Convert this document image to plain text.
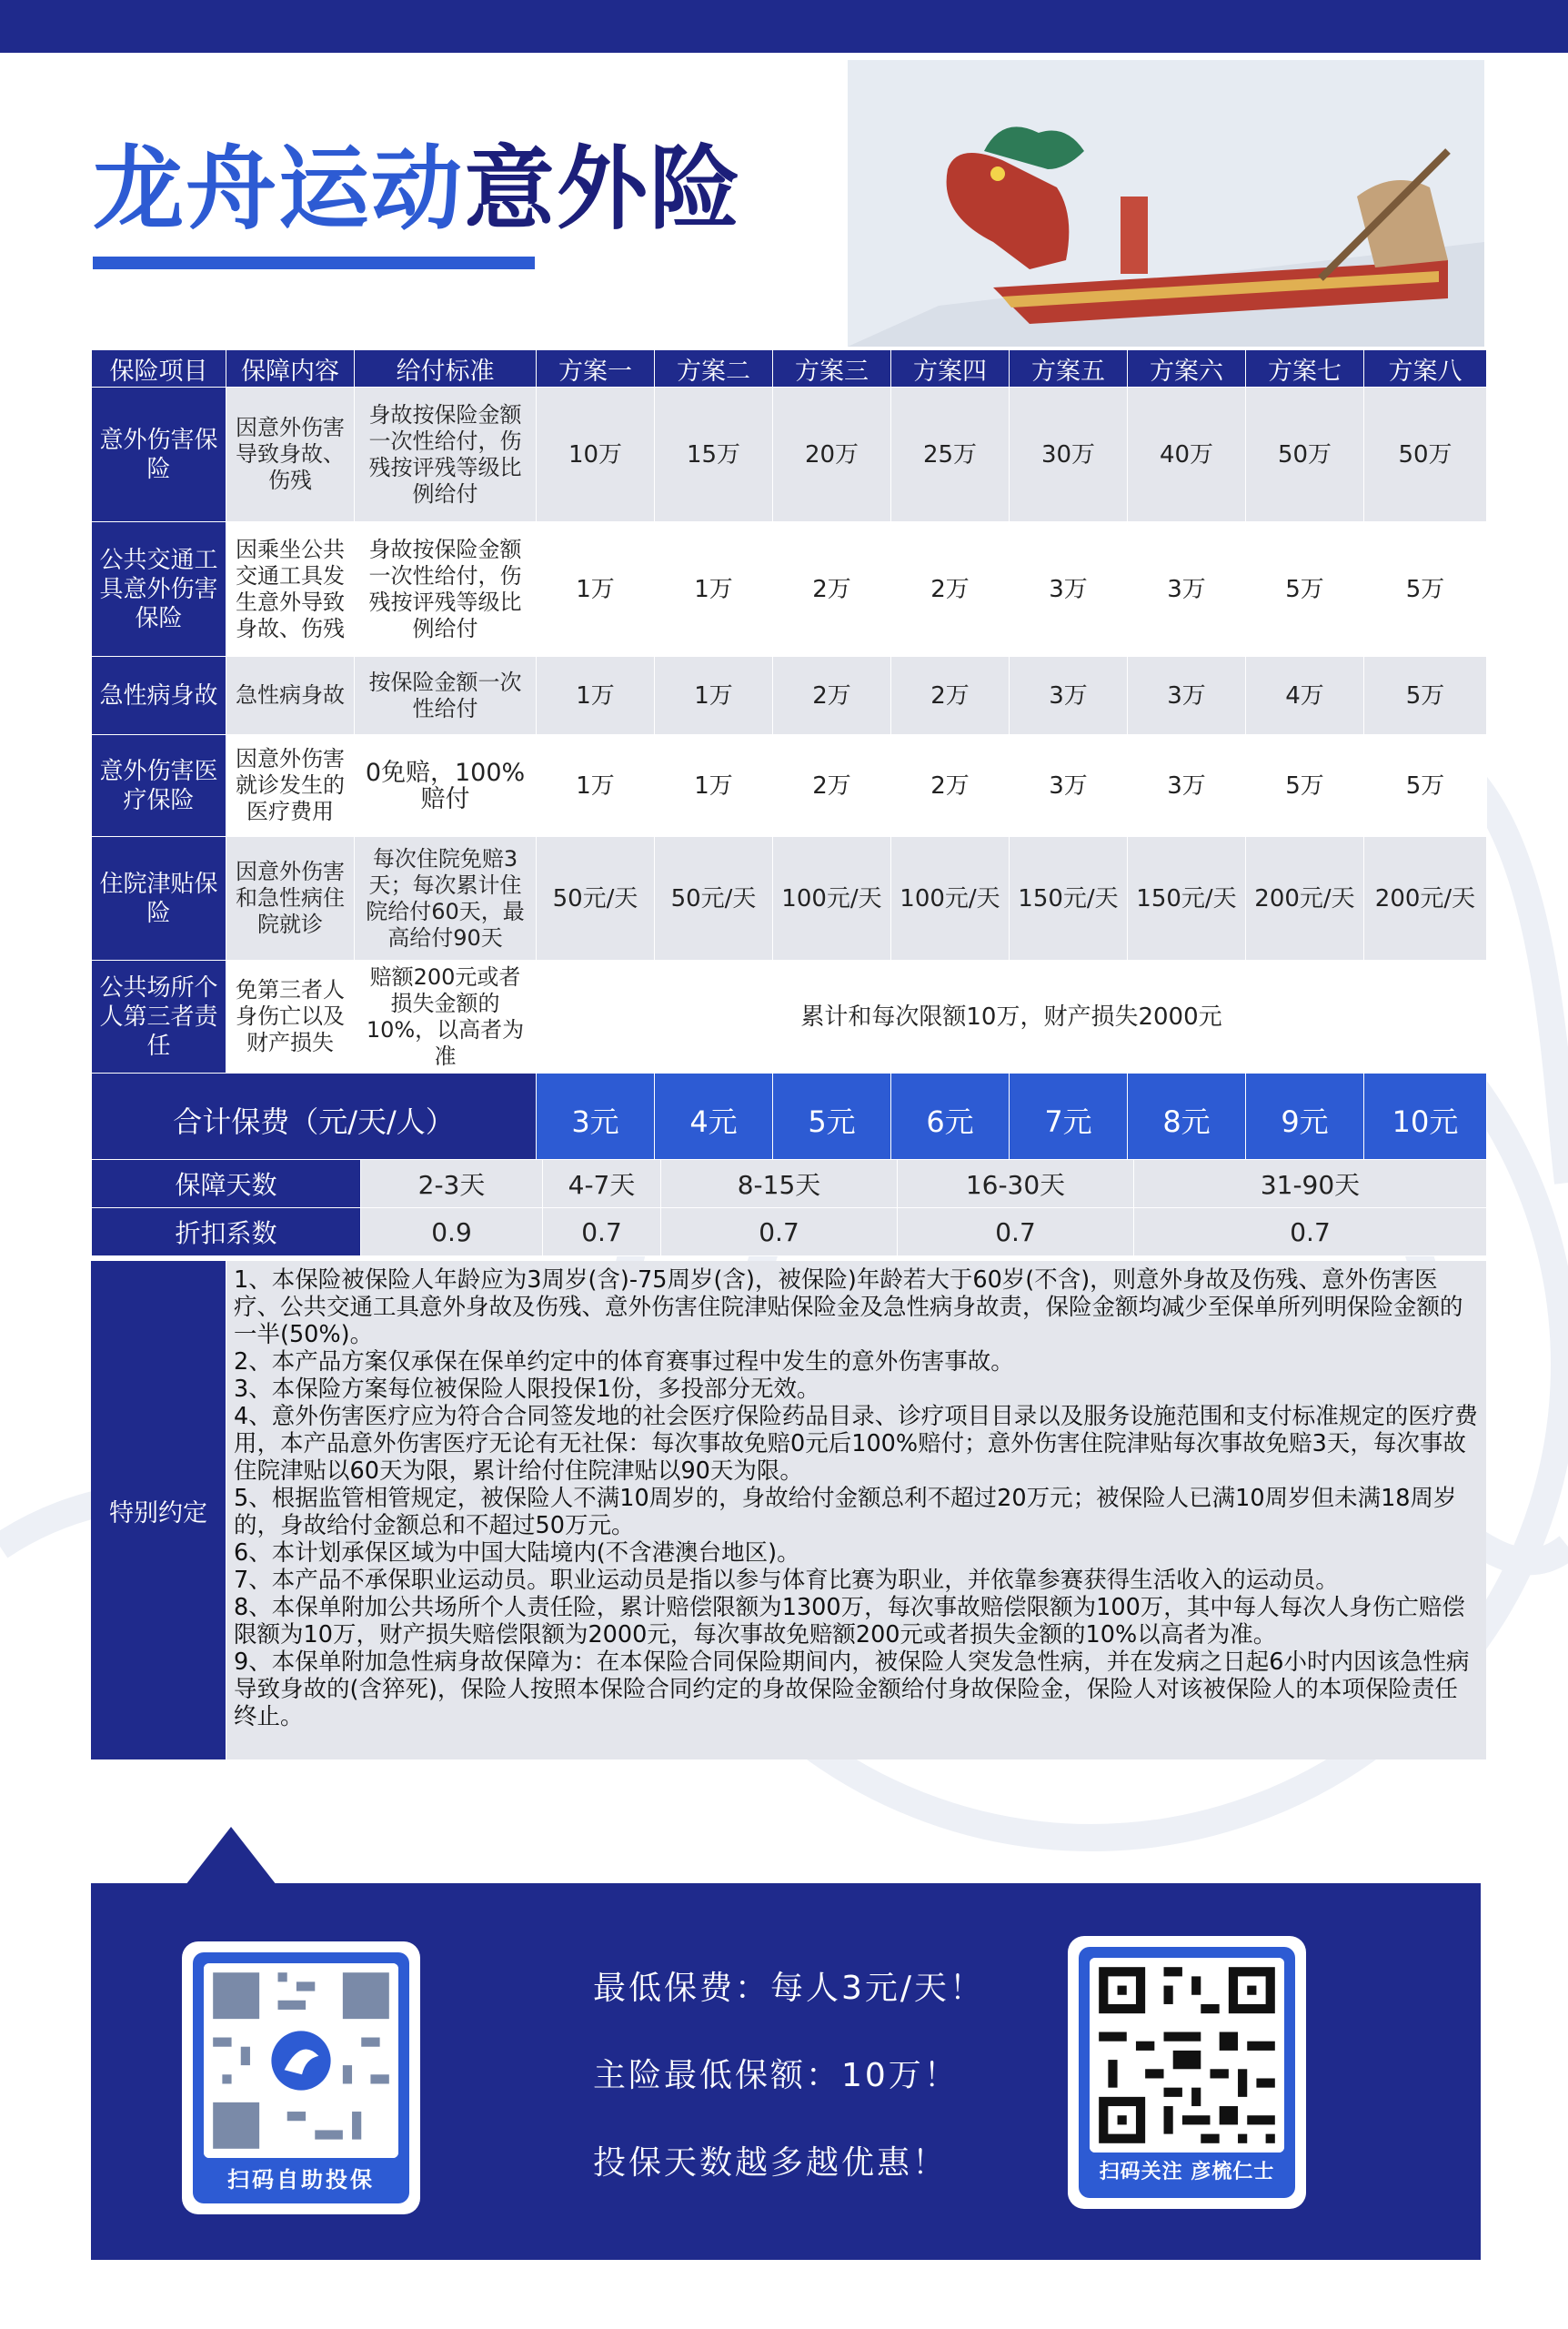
龙舟运动意外险
保险项目	保障内容	给付标准	方案一	方案二	方案三	方案四	方案五	方案六	方案七	方案八
意外伤害保险	因意外伤害导致身故、伤残	身故按保险金额一次性给付，伤残按评残等级比例给付	10万	15万	20万	25万	30万	40万	50万	50万
公共交通工具意外伤害保险	因乘坐公共交通工具发生意外导致身故、伤残	身故按保险金额一次性给付，伤残按评残等级比例给付	1万	1万	2万	2万	3万	3万	5万	5万
急性病身故	急性病身故	按保险金额一次性给付	1万	1万	2万	2万	3万	3万	4万	5万
意外伤害医疗保险	因意外伤害就诊发生的医疗费用	0免赔，100%赔付	1万	1万	2万	2万	3万	3万	5万	5万
住院津贴保险	因意外伤害和急性病住院就诊	每次住院免赔3天；每次累计住院给付60天，最高给付90天	50元/天	50元/天	100元/天	100元/天	150元/天	150元/天	200元/天	200元/天
公共场所个人第三者责任	免第三者人身伤亡以及财产损失	赔额200元或者损失金额的10%，以高者为准	累计和每次限额10万，财产损失2000元							
合计保费（元/天/人）			3元	4元	5元	6元	7元	8元	9元	10元
保障天数	2-3天	4-7天	8-15天	16-30天	31-90天
折扣系数	0.9	0.7	0.7	0.7	0.7
特别约定

1、本保险被保险人年龄应为3周岁(含)-75周岁(含)，被保险)年龄若大于60岁(不含)，则意外身故及伤残、意外伤害医疗、公共交通工具意外身故及伤残、意外伤害住院津贴保险金及急性病身故责，保险金额均减少至保单所列明保险金额的一半(50%)。

2、本产品方案仅承保在保单约定中的体育赛事过程中发生的意外伤害事故。

3、本保险方案每位被保险人限投保1份，多投部分无效。

4、意外伤害医疗应为符合合同签发地的社会医疗保险药品目录、诊疗项目目录以及服务设施范围和支付标准规定的医疗费用，本产品意外伤害医疗无论有无社保：每次事故免赔0元后100%赔付；意外伤害住院津贴每次事故免赔3天，每次事故住院津贴以60天为限，累计给付住院津贴以90天为限。

5、根据监管相管规定，被保险人不满10周岁的，身故给付金额总利不超过20万元；被保险人已满10周岁但未满18周岁的，身故给付金额总和不超过50万元。

6、本计划承保区域为中国大陆境内(不含港澳台地区)。

7、本产品不承保职业运动员。职业运动员是指以参与体育比赛为职业，并依靠参赛获得生活收入的运动员。

8、本保单附加公共场所个人责任险，累计赔偿限额为1300万，每次事故赔偿限额为100万，其中每人每次人身伤亡赔偿限额为10万，财产损失赔偿限额为2000元，每次事故免赔额200元或者损失金额的10%以高者为准。

9、本保单附加急性病身故保障为：在本保险合同保险期间内，被保险人突发急性病，并在发病之日起6小时内因该急性病导致身故的(含猝死)，保险人按照本保险合同约定的身故保险金额给付身故保险金，保险人对该被保险人的本项保险责任终止。

扫码自助投保
最低保费：每人3元/天！
主险最低保额：10万！
投保天数越多越优惠！	扫码关注 彦梳仁士
